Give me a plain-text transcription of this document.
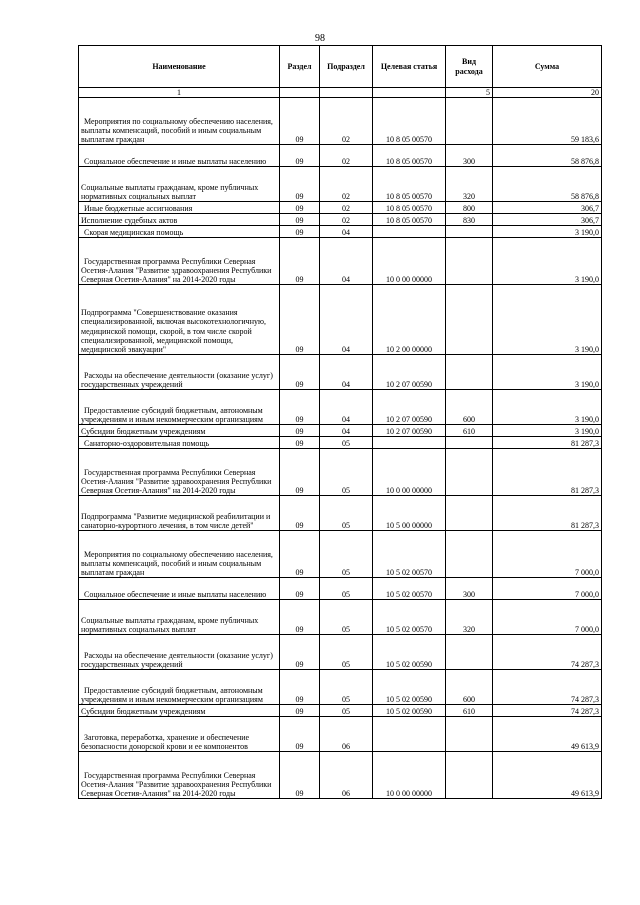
98
Наименование	Раздел	Подраздел	Целевая статья	Вид расхода	Сумма
1				5	20
Мероприятия по социальному обеспечению населения, выплаты компенсаций, пособий и иным социальным выплатам граждан	09	02	10 8 05 00570		59 183,6
Социальное обеспечение и иные выплаты населению	09	02	10 8 05 00570	300	58 876,8
Социальные выплаты гражданам, кроме публичных нормативных социальных выплат	09	02	10 8 05 00570	320	58 876,8
Иные бюджетные ассигнования	09	02	10 8 05 00570	800	306,7
Исполнение судебных актов	09	02	10 8 05 00570	830	306,7
Скорая медицинская помощь	09	04			3 190,0
Государственная программа Республики Северная Осетия-Алания "Развитие здравоохранения Республики Северная Осетия-Алания" на 2014-2020 годы	09	04	10 0 00 00000		3 190,0
Подпрограмма "Совершенствование оказания специализированной, включая высокотехнологичную, медицинской помощи, скорой, в том числе скорой специализированной, медицинской помощи, медицинской эвакуации"	09	04	10 2 00 00000		3 190,0
Расходы на обеспечение деятельности (оказание услуг) государственных учреждений	09	04	10 2 07 00590		3 190,0
Предоставление субсидий бюджетным, автономным учреждениям и иным некоммерческим организациям	09	04	10 2 07 00590	600	3 190,0
Субсидии бюджетным учреждениям	09	04	10 2 07 00590	610	3 190,0
Санаторно-оздоровительная помощь	09	05			81 287,3
Государственная программа Республики Северная Осетия-Алания "Развитие здравоохранения Республики Северная Осетия-Алания" на 2014-2020 годы	09	05	10 0 00 00000		81 287,3
Подпрограмма "Развитие медицинской реабилитации и санаторно-курортного лечения, в том числе детей"	09	05	10 5 00 00000		81 287,3
Мероприятия по социальному обеспечению населения, выплаты компенсаций, пособий и иным социальным выплатам граждан	09	05	10 5 02 00570		7 000,0
Социальное обеспечение и иные выплаты населению	09	05	10 5 02 00570	300	7 000,0
Социальные выплаты гражданам, кроме публичных нормативных социальных выплат	09	05	10 5 02 00570	320	7 000,0
Расходы на обеспечение деятельности (оказание услуг) государственных учреждений	09	05	10 5 02 00590		74 287,3
Предоставление субсидий бюджетным, автономным учреждениям и иным некоммерческим организациям	09	05	10 5 02 00590	600	74 287,3
Субсидии бюджетным учреждениям	09	05	10 5 02 00590	610	74 287,3
Заготовка, переработка, хранение и обеспечение безопасности донорской крови и ее компонентов	09	06			49 613,9
Государственная программа Республики Северная Осетия-Алания "Развитие здравоохранения Республики Северная Осетия-Алания" на 2014-2020 годы	09	06	10 0 00 00000		49 613,9
